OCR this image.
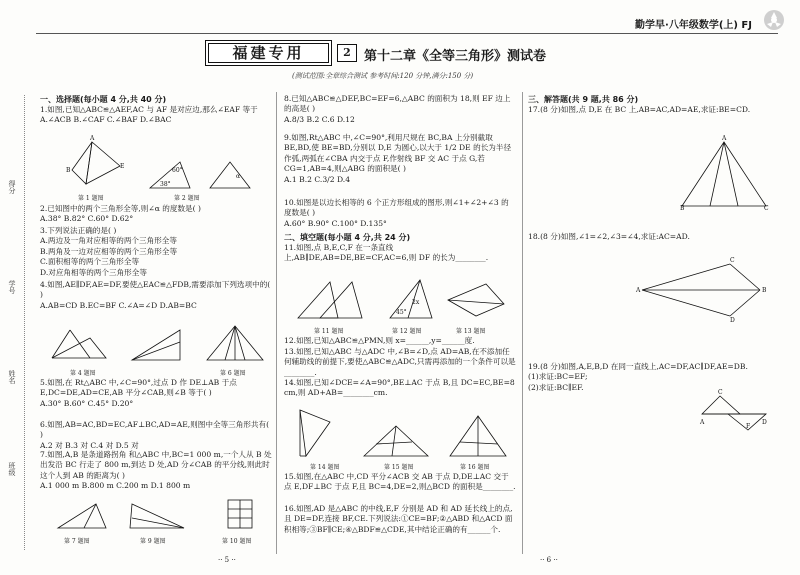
勤学早·八年级数学(上) FJ
福建专用	2	第十二章《全等三角形》测试卷
(测试范围:全章综合测试 参考时间:120 分钟,满分:150 分)
班级
学号
姓名
得分
一、选择题(每小题 4 分,共 40 分)
1.如图,已知△ABC≌△AEF,AC 与 AF 是对应边,那么∠EAF 等于
A.∠ACB B.∠CAF C.∠BAF D.∠BAC
B
A
E
第 1 题图
60°
38°
α
第 2 题图
2.已知图中的两个三角形全等,则∠α 的度数是( )
A.38° B.82° C.60° D.62°
3.下列说法正确的是( )
A.两边及一角对应相等的两个三角形全等
B.两角及一边对应相等的两个三角形全等
C.面积相等的两个三角形全等
D.对应角相等的两个三角形全等
4.如图,AE∥DF,AE=DF,要使△EAC≌△FDB,需要添加下列选项中的( )
A.AB=CD B.EC=BF C.∠A=∠D D.AB=BC
第 4 题图	第 6 题图
5.如图,在 Rt△ABC 中,∠C=90°,过点 D 作 DE⊥AB 于点 E,DC=DE,AD=CE,AB 平分∠CAB,则∠B 等于( )
A.30° B.60° C.45° D.20°
6.如图,AB=AC,BD=EC,AF⊥BC,AD=AE,则图中全等三角形共有( )
A.2 对 B.3 对 C.4 对 D.5 对
7.如图,A,B 是条道路拐角 和△ABC 中,BC=1 000 m,一个人从 B 处出发沿 BC 行走了 800 m,到达 D 处,AD 分∠CAB 的平分线,则此时这个人到 AB 的距离为( )
A.1 000 m B.800 m C.200 m D.1 800 m
第 7 题图	第 9 题图	第 10 题图
8.已知△ABC≌△DEF,BC=EF=6,△ABC 的面积为 18,则 EF 边上的高是( )
A.8/3 B.2 C.6 D.12
9.如图,Rt△ABC 中,∠C=90°,利用尺规在 BC,BA 上分别截取 BE,BD,使 BE=BD,分别以 D,E 为圆心,以大于 1/2 DE 的长为半径作弧,两弧在∠CBA 内交于点 F,作射线 BF 交 AC 于点 G,若 CG=1,AB=4,则△ABG 的面积是( )
A.1 B.2 C.3/2 D.4
10.如图是以边长相等的 6 个正方形组成的图形,则∠1+∠2+∠3 的度数是( )
A.60° B.90° C.100° D.135°
二、填空题(每小题 4 分,共 24 分)
11.如图,点 B,E,C,F 在一条直线上,AB∥DE,AB=DE,BE=CF,AC=6,则 DF 的长为________.
2x
45°
第 11 题图	第 12 题图	第 13 题图
12.如图,已知△ABC≌△PMN,则 x=______,y=______度.
13.如图,已知△ABC 与△ADC 中,∠B=∠D,点 AD=AB,在不添加任何辅助线的前提下,要使△ABC≌△ADC,只需再添加的一个条件可以是________.
14.如图,已知∠DCE=∠A=90°,BE⊥AC 于点 B,且 DC=EC,BE=8 cm,则 AD+AB=________cm.
第 14 题图	第 15 题图	第 16 题图
15.如图,在△ABC 中,CD 平分∠ACB 交 AB 于点 D,DE⊥AC 交于点 E,DF⊥BC 于点 F,且 BC=4,DE=2,则△BCD 的面积是________.
16.如图,AD 是△ABC 的中线,E,F 分别是 AD 和 AD 延长线上的点,且 DE=DF,连接 BF,CE.下列说法:①CE=BF;②△ABD 和△ACD 面积相等;③BF∥CE;④△BDF≌△CDE,其中结论正确的有______个.
三、解答题(共 9 题,共 86 分)
17.(8 分)如图,点 D,E 在 BC 上,AB=AC,AD=AE,求证:BE=CD.
A
B	C
18.(8 分)如图,∠1=∠2,∠3=∠4,求证:AC=AD.
A
C
D
B
19.(8 分)如图,A,E,B,D 在同一直线上,AC=DF,AC∥DF,AE=DB.
(1)求证:BC=EF;
(2)求证:BC∥EF.
A	D
C
F
·· 5 ··	·· 6 ··
